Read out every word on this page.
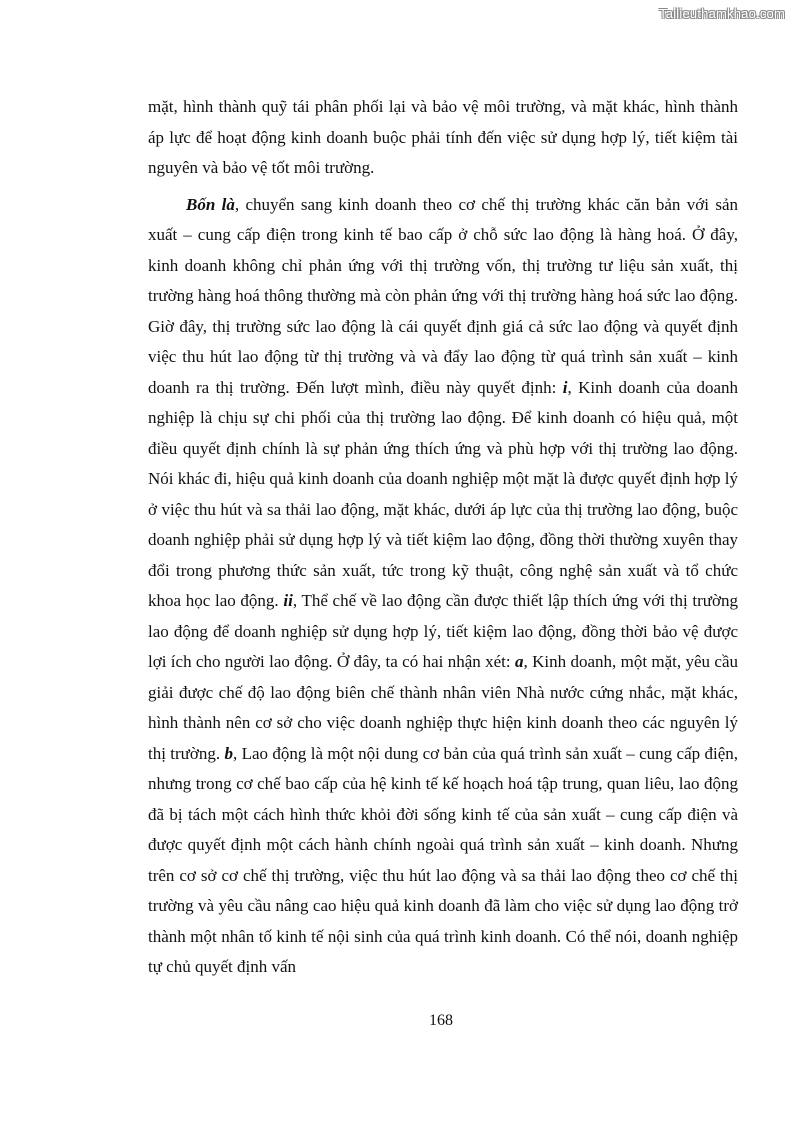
Tailieuthamkhao.com

mặt, hình thành quỹ tái phân phối lại và bảo vệ môi trường, và mặt khác, hình thành áp lực để hoạt động kinh doanh buộc phải tính đến việc sử dụng hợp lý, tiết kiệm tài nguyên và bảo vệ tốt môi trường.

Bốn là, chuyển sang kinh doanh theo cơ chế thị trường khác căn bản với sản xuất – cung cấp điện trong kinh tế bao cấp ở chỗ sức lao động là hàng hoá. Ở đây, kinh doanh không chỉ phản ứng với thị trường vốn, thị trường tư liệu sản xuất, thị trường hàng hoá thông thường mà còn phản ứng với thị trường hàng hoá sức lao động. Giờ đây, thị trường sức lao động là cái quyết định giá cả sức lao động và quyết định việc thu hút lao động từ thị trường và và đẩy lao động từ quá trình sản xuất – kinh doanh ra thị trường. Đến lượt mình, điều này quyết định: i, Kinh doanh của doanh nghiệp là chịu sự chi phối của thị trường lao động. Để kinh doanh có hiệu quả, một điều quyết định chính là sự phản ứng thích ứng và phù hợp với thị trường lao động. Nói khác đi, hiệu quả kinh doanh của doanh nghiệp một mặt là được quyết định hợp lý ở việc thu hút và sa thải lao động, mặt khác, dưới áp lực của thị trường lao động, buộc doanh nghiệp phải sử dụng hợp lý và tiết kiệm lao động, đồng thời thường xuyên thay đổi trong phương thức sản xuất, tức trong kỹ thuật, công nghệ sản xuất và tổ chức khoa học lao động. ii, Thể chế về lao động cần được thiết lập thích ứng với thị trường lao động để doanh nghiệp sử dụng hợp lý, tiết kiệm lao động, đồng thời bảo vệ được lợi ích cho người lao động. Ở đây, ta có hai nhận xét: a, Kinh doanh, một mặt, yêu cầu giải được chế độ lao động biên chế thành nhân viên Nhà nước cứng nhắc, mặt khác, hình thành nên cơ sở cho việc doanh nghiệp thực hiện kinh doanh theo các nguyên lý thị trường. b, Lao động là một nội dung cơ bản của quá trình sản xuất – cung cấp điện, nhưng trong cơ chế bao cấp của hệ kinh tế kế hoạch hoá tập trung, quan liêu, lao động đã bị tách một cách hình thức khỏi đời sống kinh tế của sản xuất – cung cấp điện và được quyết định một cách hành chính ngoài quá trình sản xuất – kinh doanh. Nhưng trên cơ sở cơ chế thị trường, việc thu hút lao động và sa thải lao động theo cơ chế thị trường và yêu cầu nâng cao hiệu quả kinh doanh đã làm cho việc sử dụng lao động trở thành một nhân tố kinh tế nội sinh của quá trình kinh doanh. Có thể nói, doanh nghiệp tự chủ quyết định vấn

168
